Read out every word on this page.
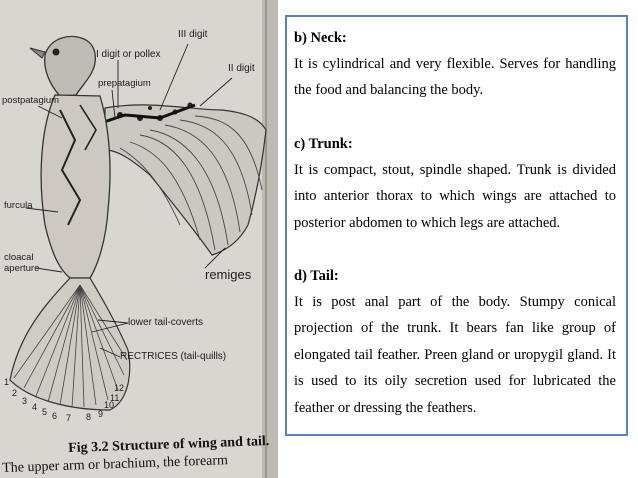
III digit
I digit or pollex
II digit
prepatagium
postpatagium
furcula
cloacal
aperture	remiges
lower tail-coverts
RECTRICES (tail-quills)
1
2
3
4 5 6 7 8 9
10
11
12
Fig 3.2 Structure of wing and tail.
The upper arm or brachium, the forearm

b) Neck:

It is cylindrical and very flexible. Serves for handling the food and balancing the body.

c) Trunk:

It is compact, stout, spindle shaped. Trunk is divided into anterior thorax to which wings are attached to posterior abdomen to which legs are attached.

d) Tail:

It is post anal part of the body. Stumpy conical projection of the trunk. It bears fan like group of elongated tail feather. Preen gland or uropygil gland. It is used to its oily secretion used for lubricated the feather or dressing the feathers.
